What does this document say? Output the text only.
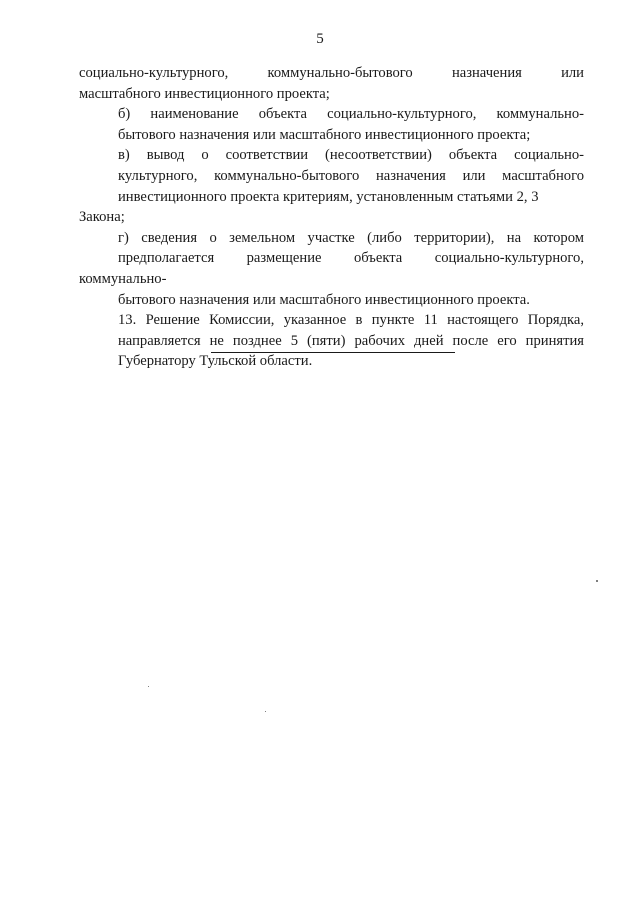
5

социально-культурного, коммунально-бытового назначения или
масштабного инвестиционного проекта;

б) наименование объекта социально-культурного, коммунально-
бытового назначения или масштабного инвестиционного проекта;

в) вывод о соответствии (несоответствии) объекта социально-
культурного, коммунально-бытового назначения или масштабного
инвестиционного проекта критериям, установленным статьями 2, 3 Закона;

г) сведения о земельном участке (либо территории), на котором
предполагается размещение объекта социально-культурного, коммунально-
бытового назначения или масштабного инвестиционного проекта.

13. Решение Комиссии, указанное в пункте 11 настоящего Порядка,
направляется не позднее 5 (пяти) рабочих дней после его принятия
Губернатору Тульской области.
